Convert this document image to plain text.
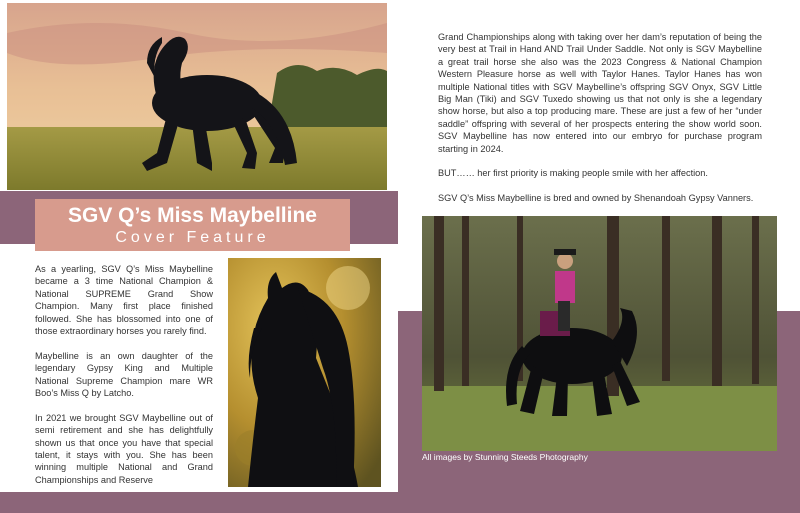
SGV Q’s Miss Maybelline
Cover Feature

As a yearling, SGV Q’s Miss Maybelline became a 3 time National Champion & National SUPREME Grand Show Champion. Many first place finished followed. She has blossomed into one of those extraordinary horses you rarely find.

Maybelline is an own daughter of the legendary Gypsy King and Multiple National Supreme Champion mare WR Boo’s Miss Q by Latcho.

In 2021 we brought SGV Maybelline out of semi retirement and she has delightfully shown us that once you have that special talent, it stays with you. She has been winning multiple National and Grand Championships and Reserve

Grand Championships along with taking over her dam’s reputation of being the very best at Trail in Hand AND Trail Under Saddle. Not only is SGV Maybelline a great trail horse she also was the 2023 Congress & National Champion Western Pleasure horse as well with Taylor Hanes. Taylor Hanes has won multiple National titles with SGV Maybelline’s offspring SGV Onyx, SGV Little Big Man (Tiki) and SGV Tuxedo showing us that not only is she a legendary show horse, but also a top producing mare. These are just a few of her “under saddle” offspring with several of her prospects entering the show world soon. SGV Maybelline has now entered into our embryo for purchase program starting in 2024.

BUT…… her first priority is making people smile with her affection.

SGV Q’s Miss Maybelline is bred and owned by Shenandoah Gypsy Vanners.

All images by Stunning Steeds Photography
